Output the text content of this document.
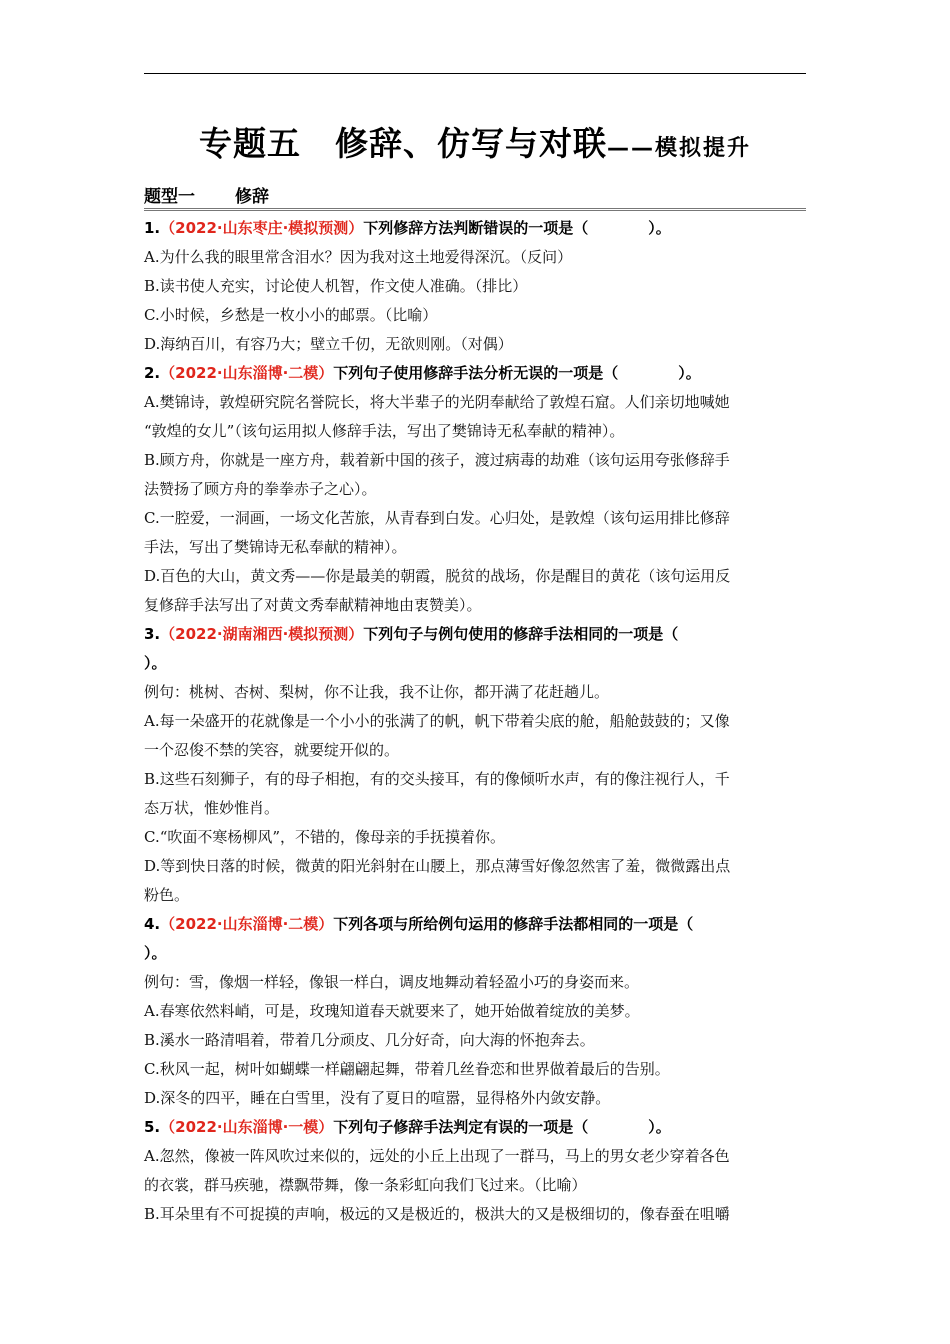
专题五　修辞、仿写与对联——模拟提升
题型一 修辞
1.（2022·山东枣庄·模拟预测）下列修辞方法判断错误的一项是（　　　　）。
A.为什么我的眼里常含泪水？因为我对这土地爱得深沉。（反问）
B.读书使人充实，讨论使人机智，作文使人准确。（排比）
C.小时候，乡愁是一枚小小的邮票。（比喻）
D.海纳百川，有容乃大；壁立千仞，无欲则刚。（对偶）
2.（2022·山东淄博·二模）下列句子使用修辞手法分析无误的一项是（　　　　）。
A.樊锦诗，敦煌研究院名誉院长，将大半辈子的光阴奉献给了敦煌石窟。人们亲切地喊她
“敦煌的女儿”（该句运用拟人修辞手法，写出了樊锦诗无私奉献的精神）。
B.顾方舟，你就是一座方舟，载着新中国的孩子，渡过病毒的劫难（该句运用夸张修辞手
法赞扬了顾方舟的拳拳赤子之心）。
C.一腔爱，一洞画，一场文化苦旅，从青春到白发。心归处，是敦煌（该句运用排比修辞
手法，写出了樊锦诗无私奉献的精神）。
D.百色的大山，黄文秀——你是最美的朝霞，脱贫的战场，你是醒目的黄花（该句运用反
复修辞手法写出了对黄文秀奉献精神地由衷赞美）。
3.（2022·湖南湘西·模拟预测）下列句子与例句使用的修辞手法相同的一项是（
）。
例句：桃树、杏树、梨树，你不让我，我不让你，都开满了花赶趟儿。
A.每一朵盛开的花就像是一个小小的张满了的帆，帆下带着尖底的舱，船舱鼓鼓的；又像
一个忍俊不禁的笑容，就要绽开似的。
B.这些石刻狮子，有的母子相抱，有的交头接耳，有的像倾听水声，有的像注视行人，千
态万状，惟妙惟肖。
C.“吹面不寒杨柳风”，不错的，像母亲的手抚摸着你。
D.等到快日落的时候，微黄的阳光斜射在山腰上，那点薄雪好像忽然害了羞，微微露出点
粉色。
4.（2022·山东淄博·二模）下列各项与所给例句运用的修辞手法都相同的一项是（
）。
例句：雪，像烟一样轻，像银一样白，调皮地舞动着轻盈小巧的身姿而来。
A.春寒依然料峭，可是，玫瑰知道春天就要来了，她开始做着绽放的美梦。
B.溪水一路清唱着，带着几分顽皮、几分好奇，向大海的怀抱奔去。
C.秋风一起，树叶如蝴蝶一样翩翩起舞，带着几丝眷恋和世界做着最后的告别。
D.深冬的四平，睡在白雪里，没有了夏日的喧嚣，显得格外内敛安静。
5.（2022·山东淄博·一模）下列句子修辞手法判定有误的一项是（　　　　）。
A.忽然，像被一阵风吹过来似的，远处的小丘上出现了一群马，马上的男女老少穿着各色
的衣裳，群马疾驰，襟飘带舞，像一条彩虹向我们飞过来。（比喻）
B.耳朵里有不可捉摸的声响，极远的又是极近的，极洪大的又是极细切的，像春蚕在咀嚼
